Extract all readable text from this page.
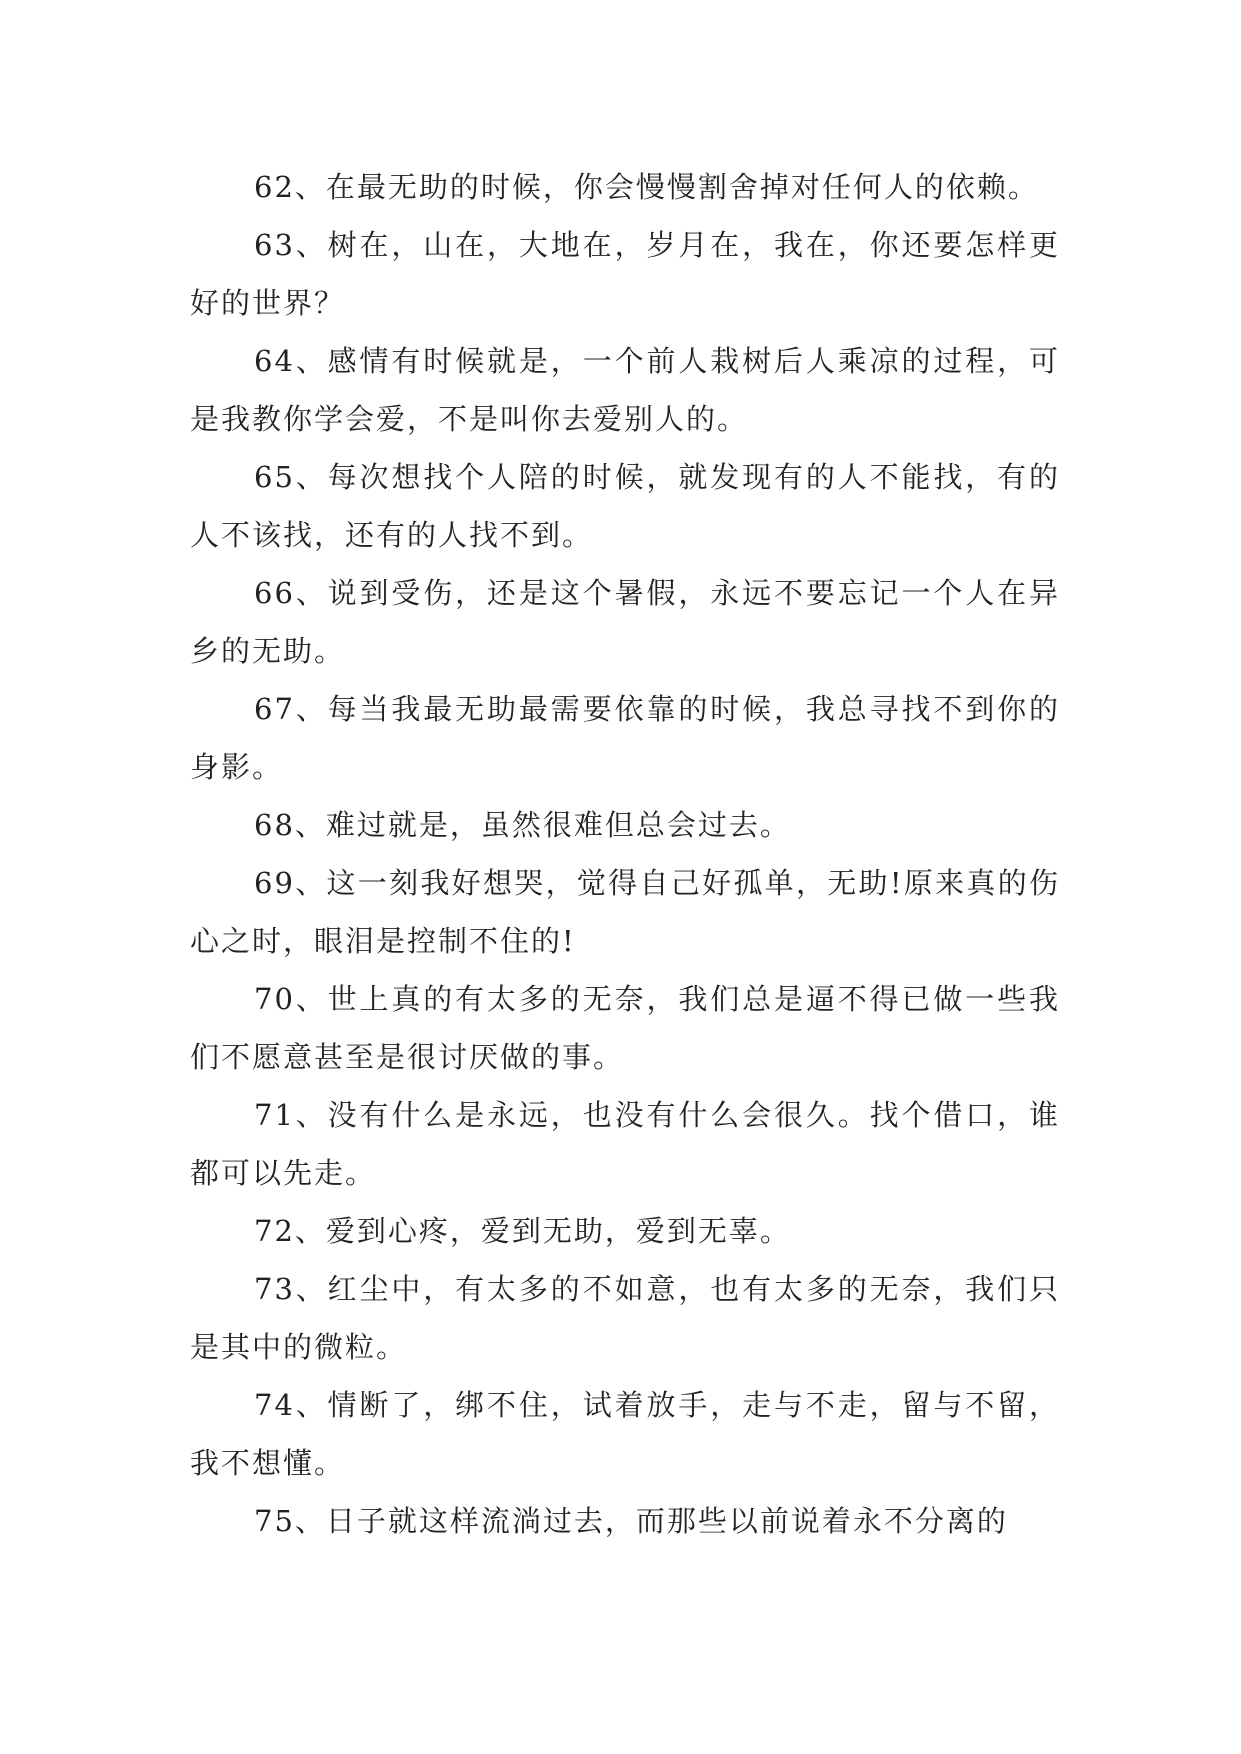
62、在最无助的时候，你会慢慢割舍掉对任何人的依赖。

63、树在，山在，大地在，岁月在，我在，你还要怎样更好的世界？

64、感情有时候就是，一个前人栽树后人乘凉的过程，可是我教你学会爱，不是叫你去爱别人的。

65、每次想找个人陪的时候，就发现有的人不能找，有的人不该找，还有的人找不到。

66、说到受伤，还是这个暑假，永远不要忘记一个人在异乡的无助。

67、每当我最无助最需要依靠的时候，我总寻找不到你的身影。

68、难过就是，虽然很难但总会过去。

69、这一刻我好想哭，觉得自己好孤单，无助!原来真的伤心之时，眼泪是控制不住的!

70、世上真的有太多的无奈，我们总是逼不得已做一些我们不愿意甚至是很讨厌做的事。

71、没有什么是永远，也没有什么会很久。找个借口，谁都可以先走。

72、爱到心疼，爱到无助，爱到无辜。

73、红尘中，有太多的不如意，也有太多的无奈，我们只是其中的微粒。

74、情断了，绑不住，试着放手，走与不走，留与不留，我不想懂。

75、日子就这样流淌过去，而那些以前说着永不分离的
